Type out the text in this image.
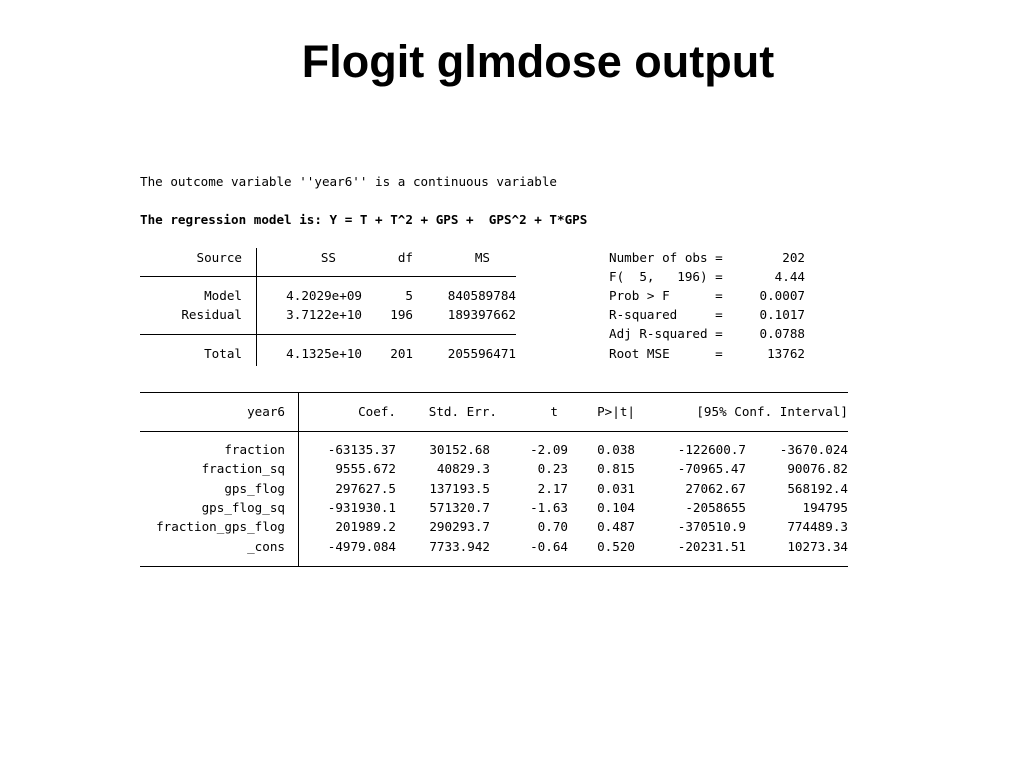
Flogit glmdose output
The outcome variable ''year6'' is a continuous variable
The regression model is: Y = T + T^2 + GPS +  GPS^2 + T*GPS
Source	SS	df	MS
Model	4.2029e+09	5	840589784
Residual	3.7122e+10	196	189397662
Total	4.1325e+10	201	205596471
Number of obs =	202
F(  5,   196) =	4.44
Prob > F      =	0.0007
R-squared     =	0.1017
Adj R-squared =	0.0788
Root MSE      =	13762
year6	Coef.	Std. Err.	t	P>|t|	[95% Conf. Interval]
fraction	-63135.37	30152.68	-2.09	0.038	-122600.7	-3670.024
fraction_sq	9555.672	40829.3	0.23	0.815	-70965.47	90076.82
gps_flog	297627.5	137193.5	2.17	0.031	27062.67	568192.4
gps_flog_sq	-931930.1	571320.7	-1.63	0.104	-2058655	194795
fraction_gps_flog	201989.2	290293.7	0.70	0.487	-370510.9	774489.3
_cons	-4979.084	7733.942	-0.64	0.520	-20231.51	10273.34
